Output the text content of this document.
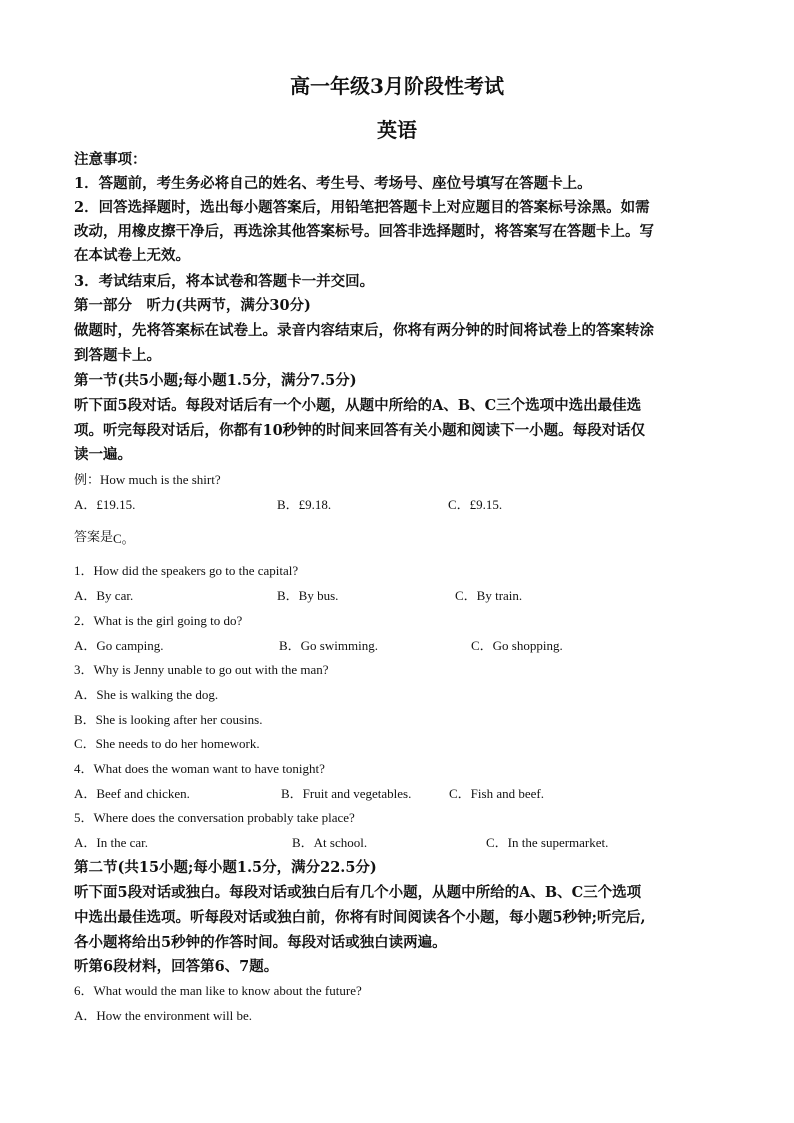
高一年级3月阶段性考试
英语
注意事项：
1．答题前，考生务必将自己的姓名、考生号、考场号、座位号填写在答题卡上。
2．回答选择题时，选出每小题答案后，用铅笔把答题卡上对应题目的答案标号涂黑。如需
改动，用橡皮擦干净后，再选涂其他答案标号。回答非选择题时，将答案写在答题卡上。写
在本试卷上无效。
3．考试结束后，将本试卷和答题卡一并交回。
第一部分　听力(共两节，满分30分)
做题时，先将答案标在试卷上。录音内容结束后，你将有两分钟的时间将试卷上的答案转涂
到答题卡上。
第一节(共5小题;每小题1.5分，满分7.5分)
听下面5段对话。每段对话后有一个小题，从题中所给的A、B、C三个选项中选出最佳选
项。听完每段对话后，你都有10秒钟的时间来回答有关小题和阅读下一小题。每段对话仅
读一遍。
例：How much is the shirt?
A．£19.15.	B．£9.18.	C．£9.15.
答案是C。
1．How did the speakers go to the capital?
A．By car.	B．By bus.	C．By train.
2．What is the girl going to do?
A．Go camping.	B．Go swimming.	C．Go shopping.
3．Why is Jenny unable to go out with the man?
A．She is walking the dog.
B．She is looking after her cousins.
C．She needs to do her homework.
4．What does the woman want to have tonight?
A．Beef and chicken.	B．Fruit and vegetables.	C．Fish and beef.
5．Where does the conversation probably take place?
A．In the car.	B．At school.	C．In the supermarket.
第二节(共15小题;每小题1.5分，满分22.5分)
听下面5段对话或独白。每段对话或独白后有几个小题，从题中所给的A、B、C三个选项
中选出最佳选项。听每段对话或独白前，你将有时间阅读各个小题，每小题5秒钟;听完后,
各小题将给出5秒钟的作答时间。每段对话或独白读两遍。
听第6段材料，回答第6、7题。
6．What would the man like to know about the future?
A．How the environment will be.
